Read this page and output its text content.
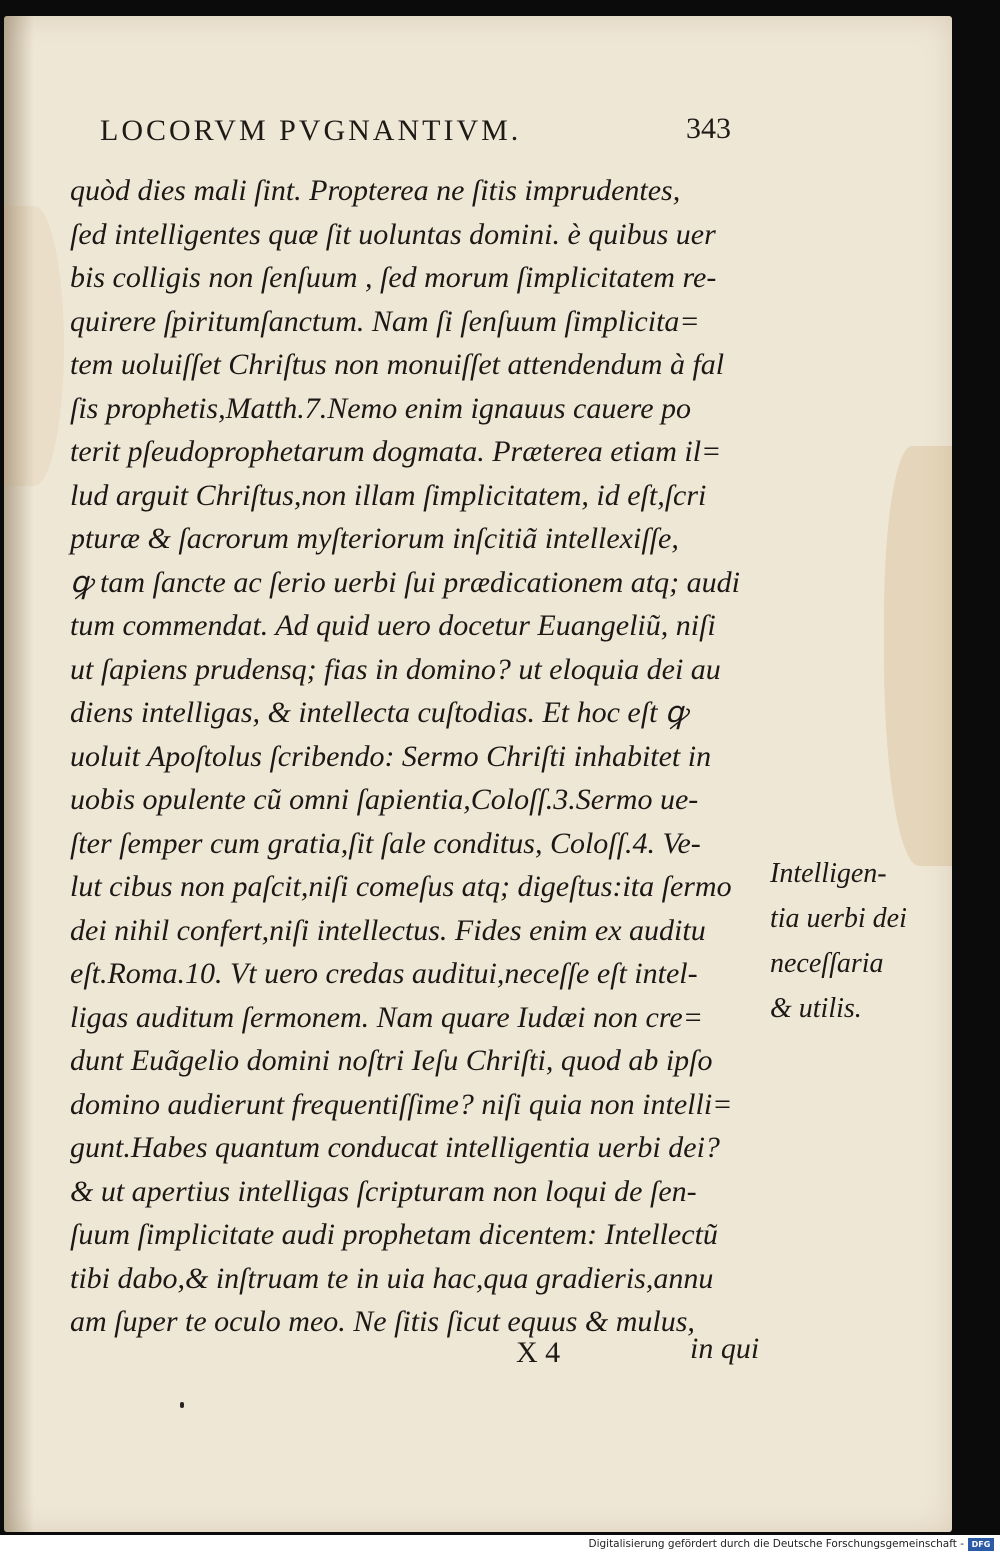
LOCORVM PVGNANTIVM.	343
quòd dies mali ſint. Propterea ne ſitis imprudentes,
ſed intelligentes quæ ſit uoluntas domini. è quibus uer
bis colligis non ſenſuum , ſed morum ſimplicitatem re-
quirere ſpiritumſanctum. Nam ſi ſenſuum ſimplicita=
tem uoluiſſet Chriſtus non monuiſſet attendendum à fal
ſis prophetis,Matth.7.Nemo enim ignauus cauere po
terit pſeudoprophetarum dogmata. Præterea etiam il=
lud arguit Chriſtus,non illam ſimplicitatem, id eſt,ſcri
pturæ & ſacrorum myſteriorum inſcitiã intellexiſſe,
ꝙ tam ſancte ac ſerio uerbi ſui prædicationem atq; audi
tum commendat. Ad quid uero docetur Euangeliũ, niſi
ut ſapiens prudensq; fias in domino? ut eloquia dei au
diens intelligas, & intellecta cuſtodias. Et hoc eſt ꝙ
uoluit Apoſtolus ſcribendo: Sermo Chriſti inhabitet in
uobis opulente cũ omni ſapientia,Coloſſ.3.Sermo ue-
ſter ſemper cum gratia,ſit ſale conditus, Coloſſ.4. Ve-
lut cibus non paſcit,niſi comeſus atq; digeſtus:ita ſermo
dei nihil confert,niſi intellectus. Fides enim ex auditu
eſt.Roma.10. Vt uero credas auditui,neceſſe eſt intel-
ligas auditum ſermonem. Nam quare Iudæi non cre=
dunt Euãgelio domini noſtri Ieſu Chriſti, quod ab ipſo
domino audierunt frequentiſſime? niſi quia non intelli=
gunt.Habes quantum conducat intelligentia uerbi dei?
& ut apertius intelligas ſcripturam non loqui de ſen-
ſuum ſimplicitate audi prophetam dicentem: Intellectũ
tibi dabo,& inſtruam te in uia hac,qua gradieris,annu
am ſuper te oculo meo. Ne ſitis ſicut equus & mulus,
Intelligen-
tia uerbi dei
neceſſaria
& utilis.
X 4	in qui
Digitalisierung gefördert durch die Deutsche Forschungsgemeinschaft - DFG
